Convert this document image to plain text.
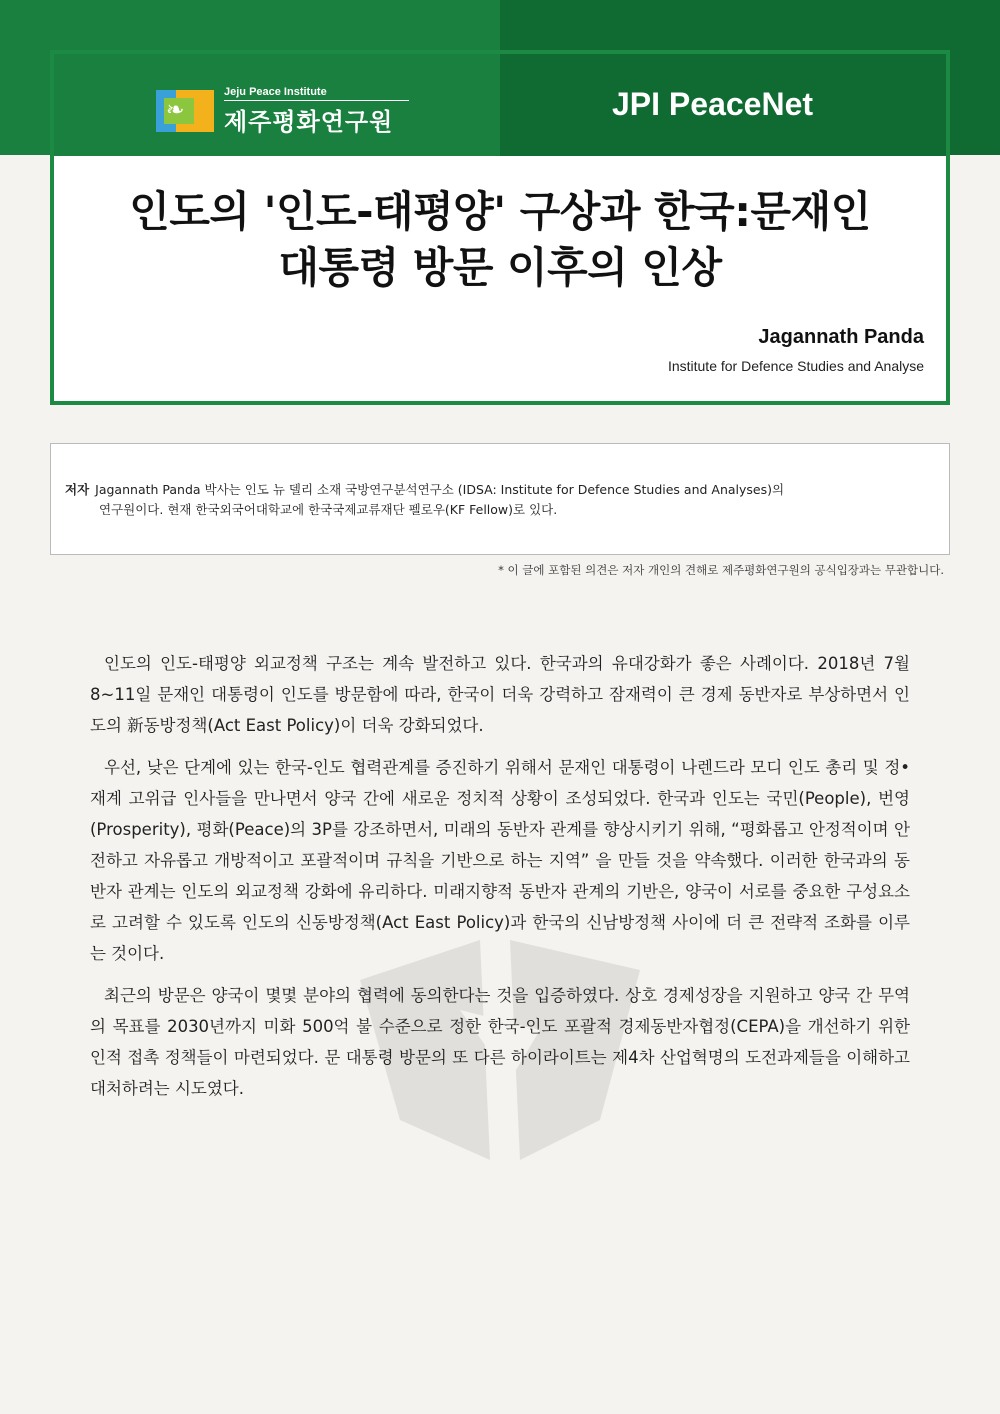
❧
Jeju Peace Institute
제주평화연구원	JPI PeaceNet
인도의 '인도-태평양' 구상과 한국:문재인
대통령 방문 이후의 인상
Jagannath Panda
Institute for Defence Studies and Analyse
저자 Jagannath Panda 박사는 인도 뉴 델리 소재 국방연구분석연구소 (IDSA: Institute for Defence Studies and Analyses)의
연구원이다. 현재 한국외국어대학교에 한국국제교류재단 펠로우(KF Fellow)로 있다.
* 이 글에 포함된 의견은 저자 개인의 견해로 제주평화연구원의 공식입장과는 무관합니다.

인도의 인도-태평양 외교정책 구조는 계속 발전하고 있다. 한국과의 유대강화가 좋은 사례이다. 2018년 7월 8~11일 문재인 대통령이 인도를 방문함에 따라, 한국이 더욱 강력하고 잠재력이 큰 경제 동반자로 부상하면서 인도의 新동방정책(Act East Policy)이 더욱 강화되었다.

우선, 낮은 단계에 있는 한국-인도 협력관계를 증진하기 위해서 문재인 대통령이 나렌드라 모디 인도 총리 및 정•재계 고위급 인사들을 만나면서 양국 간에 새로운 정치적 상황이 조성되었다. 한국과 인도는 국민(People), 번영(Prosperity), 평화(Peace)의 3P를 강조하면서, 미래의 동반자 관계를 향상시키기 위해, “평화롭고 안정적이며 안전하고 자유롭고 개방적이고 포괄적이며 규칙을 기반으로 하는 지역” 을 만들 것을 약속했다. 이러한 한국과의 동반자 관계는 인도의 외교정책 강화에 유리하다. 미래지향적 동반자 관계의 기반은, 양국이 서로를 중요한 구성요소로 고려할 수 있도록 인도의 신동방정책(Act East Policy)과 한국의 신남방정책 사이에 더 큰 전략적 조화를 이루는 것이다.

최근의 방문은 양국이 몇몇 분야의 협력에 동의한다는 것을 입증하였다. 상호 경제성장을 지원하고 양국 간 무역의 목표를 2030년까지 미화 500억 불 수준으로 정한 한국-인도 포괄적 경제동반자협정(CEPA)을 개선하기 위한 인적 접촉 정책들이 마련되었다. 문 대통령 방문의 또 다른 하이라이트는 제4차 산업혁명의 도전과제들을 이해하고 대처하려는 시도였다.
